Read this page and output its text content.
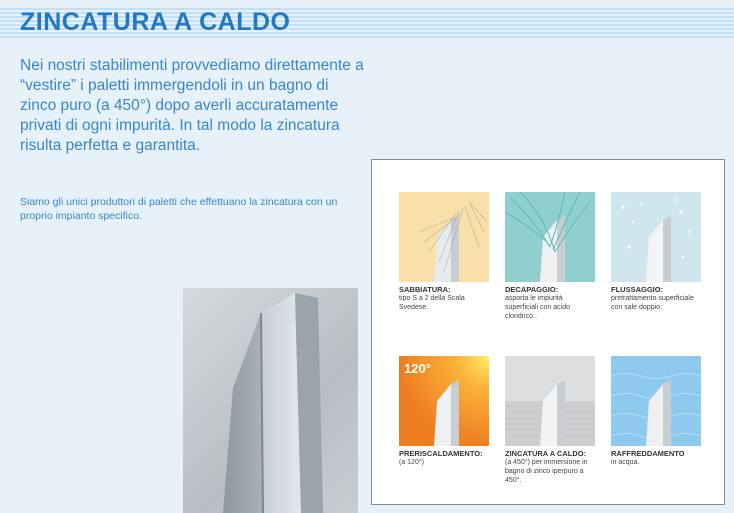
ZINCATURA A CALDO

Nei nostri stabilimenti provvediamo direttamente a “vestire” i paletti immergendoli in un bagno di zinco puro (a 450°) dopo averli accuratamente privati di ogni impurità. In tal modo la zincatura risulta perfetta e garantita.

Siamo gli unici produttori di paletti che effettuano la zincatura con un proprio impianto specifico.

SABBIATURA:
tipo S a 2 della Scala Svedese.
DECAPAGGIO:
asporta le impurità superficiali con acido cloridrico..
FLUSSAGGIO:
pretrattamento superficiale con sale doppio.
120°
PRERISCALDAMENTO:
(a 120°)
ZINCATURA A CALDO:
(a 450°) per immersione in bagno di zinco iperpuro a 450°.
RAFFREDDAMENTO
in acqua.
